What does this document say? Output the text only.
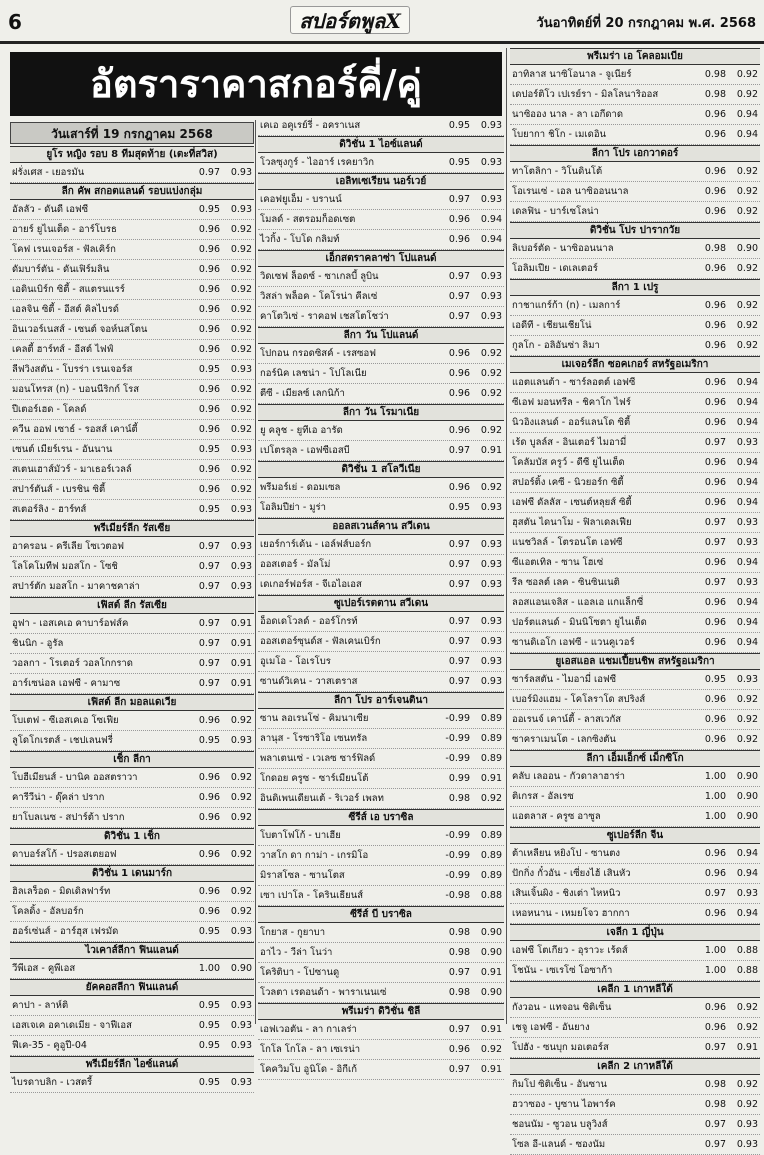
6	สปอร์ตพูลX	วันอาทิตย์ที่ 20 กรกฎาคม พ.ศ. 2568
อัตราราคาสกอร์คี่/คู่
วันเสาร์ที่ 19 กรกฎาคม 2568
ยูโร หญิง รอบ 8 ทีมสุดท้าย (เตะที่สวิส)
ฝรั่งเศส - เยอรมัน	0.97	0.93
ลีก คัพ สกอตแลนด์ รอบแบ่งกลุ่ม
อัลลัว - ดันดี เอฟซี	0.95	0.93
อายร์ ยูไนเต็ด - อาร์โบรธ	0.96	0.92
โคฟ เรนเจอร์ส - ฟัลเคิร์ก	0.96	0.92
ดัมบาร์ตัน - ดันเฟิร์มลิน	0.96	0.92
เอดินเบิร์ก ซิตี้ - สแตรนแรร์	0.96	0.92
เอลจิน ซิตี้ - อีสต์ คิลไบรด์	0.96	0.92
อินเวอร์เนสส์ - เซนต์ จอห์นสโตน	0.96	0.92
เคลตี้ ฮาร์ทส์ - อีสต์ ไฟฟ์	0.96	0.92
ลีฟวิงสตัน - โบรร่า เรนเจอร์ส	0.95	0.93
มอนโทรส (n) - บอนนีริกก์ โรส	0.96	0.92
ปีเตอร์เฮด - โคลด์	0.96	0.92
ควีน ออฟ เซาธ์ - รอสส์ เคาน์ตี้	0.96	0.92
เซนต์ เมียร์เรน - อันนาน	0.95	0.93
สเตนเฮาส์มัวร์ - มาเธอร์เวลล์	0.96	0.92
สปาร์ตันส์ - เบรชิน ซิตี้	0.96	0.92
สเตอร์ลิง - ฮาร์ทส์	0.95	0.93
พรีเมียร์ลีก รัสเซีย
อาครอน - ครีเลีย โซเวตอฟ	0.97	0.93
โลโคโมทีฟ มอสโก - โซชิ	0.97	0.93
สปาร์ตัก มอสโก - มาคาชคาล่า	0.97	0.93
เฟิสต์ ลีก รัสเซีย
อูฟา - เอสเคเอ คาบาร์อฟส์ค	0.97	0.91
ชินนิก - อูรัล	0.97	0.91
วอลกา - โรเตอร์ วอลโกกราด	0.97	0.91
อาร์เซน่อล เอฟซี - คามาซ	0.97	0.91
เฟิสต์ ลีก มอลแดเวีย
โบเตฟ - ซีเอสเคเอ โซเฟีย	0.96	0.92
ลูโดโกเรตส์ - เชปเลนฟรี่	0.95	0.93
เช็ก ลีกา
โบฮีเมียนส์ - บานิค ออสตราวา	0.96	0.92
คารีวีน่า - ดุ๊คล่า ปราก	0.96	0.92
ยาโบลเนซ - สปาร์ต้า ปราก	0.96	0.92
ดิวิชั่น 1 เช็ก
ดาบอร์สโก้ - ปรอสเตยอฟ	0.96	0.92
ดิวิชั่น 1 เดนมาร์ก
ฮิลเลร็อด - มิดเดิลฟาร์ท	0.96	0.92
โคลดิ้ง - อัลบอร์ก	0.96	0.92
ฮอร์เซ่นส์ - อาร์ฮุส เฟรมัด	0.95	0.93
ไวเคาส์ลีกา ฟินแลนด์
วีพีเอส - คูพีเอส	1.00	0.90
ยัคคอสลีกา ฟินแลนด์
คาปา - ลาห์ติ	0.95	0.93
เอสเจเค อคาเดเมีย - จาฟีเอส	0.95	0.93
ฟีเค-35 - คูอูปี-04	0.95	0.93
พรีเมียร์ลีก ไอซ์แลนด์
ไบรดาบลิก - เวสตรี้	0.95	0.93
เคเอ อคูเรย์รี่ - อคราเนส	0.95	0.93
ดิวิชั่น 1 ไอซ์แลนด์
โวลซุงกูร์ - ไออาร์ เรคยาวิก	0.95	0.93
เอลิทเซเรียน นอร์เวย์
เคอฟยูเอ็ม - บรานน์	0.97	0.93
โมลด์ - สตรอมก็อดเซต	0.96	0.94
ไวกิ้ง - โบโด กลิมท์	0.96	0.94
เอ็กสตราคลาซ่า โปแลนด์
วิดเซฟ ล็อดซ์ - ซาเกลบี้ ลูบิน	0.97	0.93
วิสล่า พล็อค - โคโรน่า คีลเซ่	0.97	0.93
คาโตวิเซ่ - ราคอฟ เชสโตโชว่า	0.97	0.93
ลีกา วัน โปแลนด์
โปกอน กรอดซิสค์ - เรสซอฟ	0.96	0.92
กอร์นิค เลชน่า - โปโลเนีย	0.96	0.92
ตีซี - เมียลซ์ เลกนิก้า	0.96	0.92
ลีกา วัน โรมาเนีย
ยู คลูช - ยูทีเอ อารัด	0.96	0.92
เปโตรลุล - เอฟซีเอสบี	0.97	0.91
ดิวิชั่น 1 สโลวีเนีย
พรีมอร์เย่ - ดอมเซล	0.96	0.92
โอลิมปีย่า - มูร่า	0.95	0.93
ออลสเวนส์คาน สวีเดน
เยอร์การ์เด้น - เอล์ฟส์บอร์ก	0.97	0.93
ออสเตอร์ - มัลโม่	0.97	0.93
เดเกอร์ฟอร์ส - จีเอไอเอส	0.97	0.93
ซูเปอร์เรตตาน สวีเดน
อ็อดเดโวลด์ - ออร์โกรท์	0.97	0.93
ออสเตอร์ซุนด์ส - ฟัลเคนเบิร์ก	0.97	0.93
อูเมโอ - โอเรโบร	0.97	0.93
ซานด์วิเคน - วาสเตราส	0.97	0.93
ลีกา โปร อาร์เจนตินา
ซาน ลอเรนโซ่ - คิมนาเซีย	-0.99	0.89
ลานุส - โรซาริโอ เซนทรัล	-0.99	0.89
พลาเตนเซ่ - เวเลซ ซาร์ฟิลด์	-0.99	0.89
โกดอย ครูซ - ซาร์เมียนโต้	0.99	0.91
อินดิเพนเดียนเต้ - ริเวอร์ เพลท	0.98	0.92
ซีรีส์ เอ บราซิล
โบตาโฟโก้ - บาเฮีย	-0.99	0.89
วาสโก ดา กาม่า - เกรมิโอ	-0.99	0.89
มิราสโซล - ซานโตส	-0.99	0.89
เซา เปาโล - โครินเธียนส์	-0.98	0.88
ซีรีส์ บี บราซิล
โกยาส - กูยาบา	0.98	0.90
อาไว - วีล่า โนว่า	0.98	0.90
โคริติบา - โปซานดู	0.97	0.91
โวลตา เรดอนด้า - พาราเนนเซ่	0.98	0.90
พรีเมร่า ดิวิชั่น ชิลี
เอฟเวอตัน - ลา กาเลร่า	0.97	0.91
โกโล โกโล - ลา เซเรน่า	0.96	0.92
โคควิมโบ อูนิโด - อิกีเก้	0.97	0.91
พรีเมร่า เอ โคลอมเบีย
อาทิลาส นาซิโอนาล - จูเนียร์	0.98	0.92
เดปอร์ติโว เปเรย์รา - มิลโลนาริออส	0.98	0.92
นาซิออง นาล - ลา เอกีดาด	0.96	0.94
โบยากา ชิโก - เมเดอิน	0.96	0.94
ลีกา โปร เอกวาดอร์
ทาโตลิกา - วิโนดินโต้	0.96	0.92
โอเรนเซ่ - เอล นาซิออนนาล	0.96	0.92
เดลฟิน - บาร์เซโลน่า	0.96	0.92
ดิวิชั่น โปร ปารากวัย
ลิเบอร์ตัด - นาซิออนนาล	0.98	0.90
โอลิมเปีย - เดเลเตอร์	0.96	0.92
ลีกา 1 เปรู
กาชาแกร์ก้า (n) - เมลการ์	0.96	0.92
เอดีที - เชียนเชียโน่	0.96	0.92
กูลโก - อลิอันซ่า ลิมา	0.96	0.92
เมเจอร์ลีก ซอคเกอร์ สหรัฐอเมริกา
แอตแลนต้า - ซาร์ลอตต์ เอฟซี	0.96	0.94
ซีเอฟ มอนทรีล - ชิคาโก ไฟร์	0.96	0.94
นิวอิงแลนด์ - ออร์แลนโด ซิตี้	0.96	0.94
เร้ด บูลล์ส - อินเตอร์ ไมอามี่	0.97	0.93
โคลัมบัส ครูว์ - ดีซี ยูไนเต็ด	0.96	0.94
สปอร์ติ้ง เคซี - นิวยอร์ก ซิตี้	0.96	0.94
เอฟซี ดัลลัส - เซนต์หลุยส์ ซิตี้	0.96	0.94
ฮุสตัน ไดนาโม - ฟิลาเดลเฟีย	0.97	0.93
แนชวิลล์ - โตรอนโต เอฟซี	0.97	0.93
ซีแอตเทิล - ซาน โฮเซ่	0.96	0.94
รีล ซอลต์ เลค - ซินซินเนติ	0.97	0.93
ลอสแอนเจลิส - แอลเอ แกแล็กซี่	0.96	0.94
ปอร์ตแลนด์ - มินนิโซตา ยูไนเต็ด	0.96	0.94
ซานดิเอโก เอฟซี - แวนคูเวอร์	0.96	0.94
ยูเอสแอล แชมเปี้ยนชิพ สหรัฐอเมริกา
ซาร์ลสตัน - ไมอามี่ เอฟซี	0.95	0.93
เบอร์มิงแฮม - โคโลราโด สปริงส์	0.96	0.92
ออเรนจ์ เคาน์ตี้ - ลาสเวกัส	0.96	0.92
ซาคราเมนโต - เลกซิงตัน	0.96	0.92
ลีกา เอ็มเอ็กซ์ เม็กซิโก
คลับ เลออน - กัวดาลาฮาร่า	1.00	0.90
ติเกรส - อัลเรซ	1.00	0.90
แอตลาส - ครูซ อาซูล	1.00	0.90
ซูเปอร์ลีก จีน
ต้าเหลียน หยิงโป - ซานตง	0.96	0.94
ปักกิ่ง กั๋วอัน - เซี่ยงไฮ้ เสินหัว	0.96	0.94
เสินเจิ้นผิง - ชิงเต่า ไหหนิว	0.97	0.93
เหอหนาน - เหมยโจว ฮากกา	0.96	0.94
เจลีก 1 ญี่ปุ่น
เอฟซี โตเกียว - อุราวะ เร้ดส์	1.00	0.88
โชนัน - เซเรโซ่ โอซาก้า	1.00	0.88
เคลีก 1 เกาหลีใต้
กังวอน - แทจอน ซิติเซ็น	0.96	0.92
เชจู เอฟซี - อันยาง	0.96	0.92
โปฮัง - ซนบุก มอเตอร์ส	0.97	0.91
เคลีก 2 เกาหลีใต้
กิมโป ซิติเซ็น - อันซาน	0.98	0.92
ฮวาซอง - บูซาน ไอพาร์ค	0.98	0.92
ชอนนัม - ซูวอน บลูวิงส์	0.97	0.93
โซล อี-แลนด์ - ซองนัม	0.97	0.93
